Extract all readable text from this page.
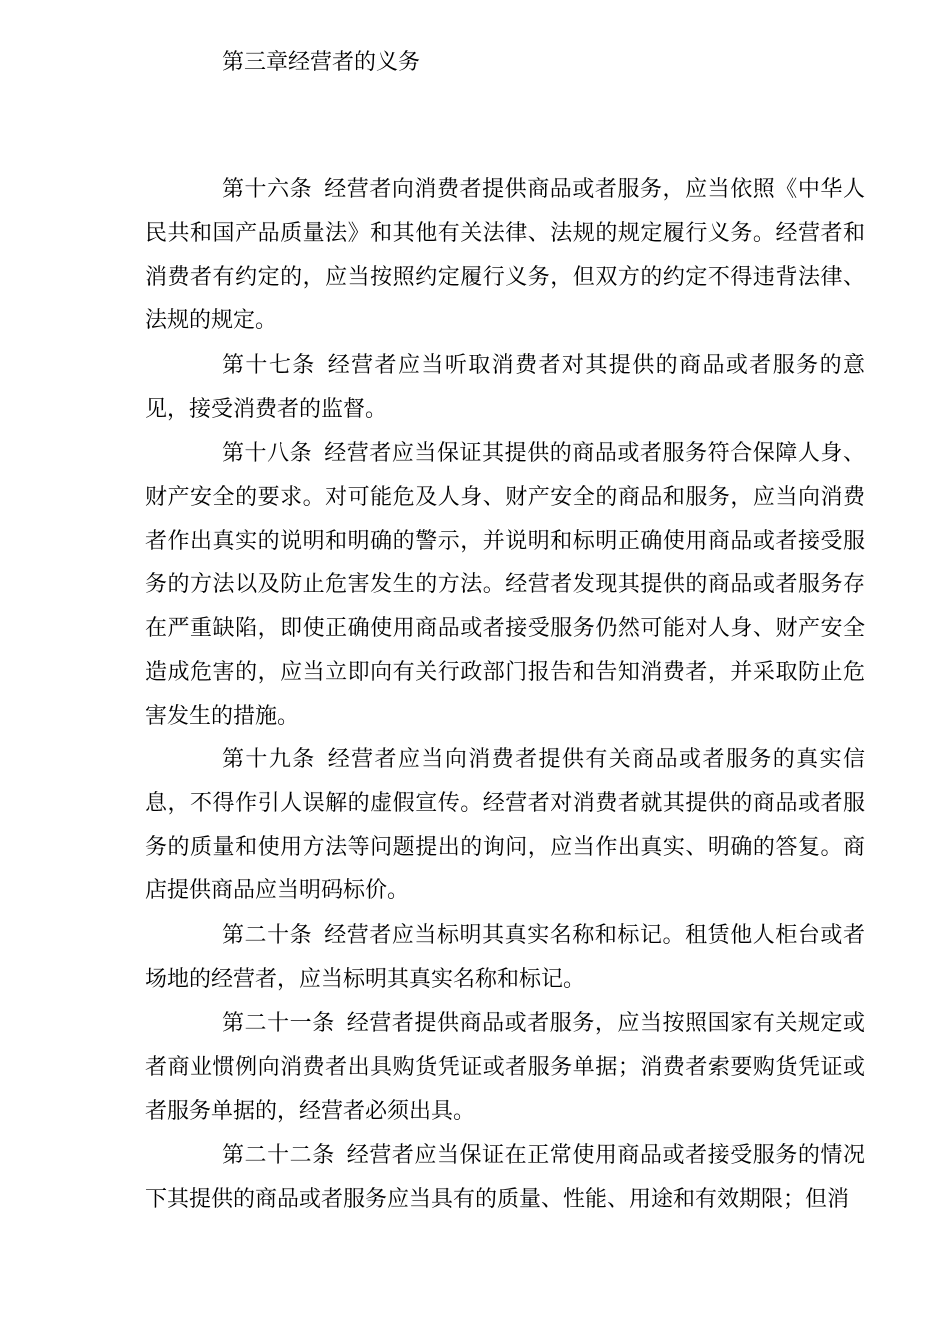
第三章经营者的义务

第十六条 经营者向消费者提供商品或者服务，应当依照《中华人民共和国产品质量法》和其他有关法律、法规的规定履行义务。经营者和消费者有约定的，应当按照约定履行义务，但双方的约定不得违背法律、法规的规定。

第十七条 经营者应当听取消费者对其提供的商品或者服务的意见，接受消费者的监督。

第十八条 经营者应当保证其提供的商品或者服务符合保障人身、财产安全的要求。对可能危及人身、财产安全的商品和服务，应当向消费者作出真实的说明和明确的警示，并说明和标明正确使用商品或者接受服务的方法以及防止危害发生的方法。经营者发现其提供的商品或者服务存在严重缺陷，即使正确使用商品或者接受服务仍然可能对人身、财产安全造成危害的，应当立即向有关行政部门报告和告知消费者，并采取防止危害发生的措施。

第十九条 经营者应当向消费者提供有关商品或者服务的真实信息，不得作引人误解的虚假宣传。经营者对消费者就其提供的商品或者服务的质量和使用方法等问题提出的询问，应当作出真实、明确的答复。商店提供商品应当明码标价。

第二十条 经营者应当标明其真实名称和标记。租赁他人柜台或者场地的经营者，应当标明其真实名称和标记。

第二十一条 经营者提供商品或者服务，应当按照国家有关规定或者商业惯例向消费者出具购货凭证或者服务单据；消费者索要购货凭证或者服务单据的，经营者必须出具。

第二十二条 经营者应当保证在正常使用商品或者接受服务的情况下其提供的商品或者服务应当具有的质量、性能、用途和有效期限；但消
